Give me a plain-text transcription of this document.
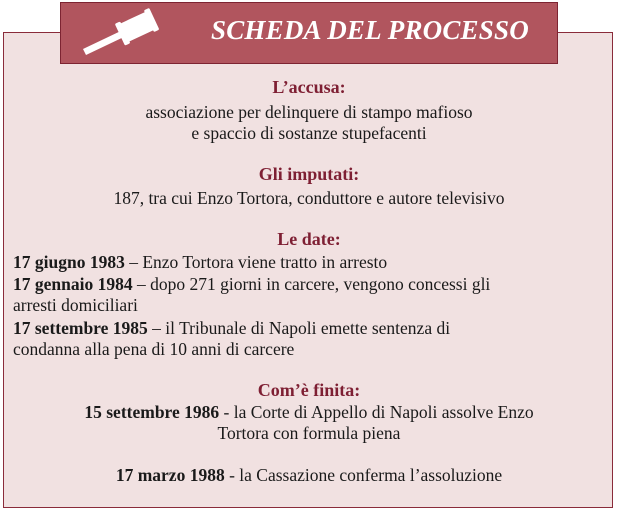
SCHEDA DEL PROCESSO
L’accusa:
associazione per delinquere di stampo mafioso
e spaccio di sostanze stupefacenti
Gli imputati:
187, tra cui Enzo Tortora, conduttore e autore televisivo
Le date:
17 giugno 1983 – Enzo Tortora viene tratto in arresto
17 gennaio 1984 – dopo 271 giorni in carcere, vengono concessi gli
arresti domiciliari
17 settembre 1985 – il Tribunale di Napoli emette sentenza di
condanna alla pena di 10 anni di carcere
Com’è finita:
15 settembre 1986 - la Corte di Appello di Napoli assolve Enzo
Tortora con formula piena
17 marzo 1988 - la Cassazione conferma l’assoluzione
